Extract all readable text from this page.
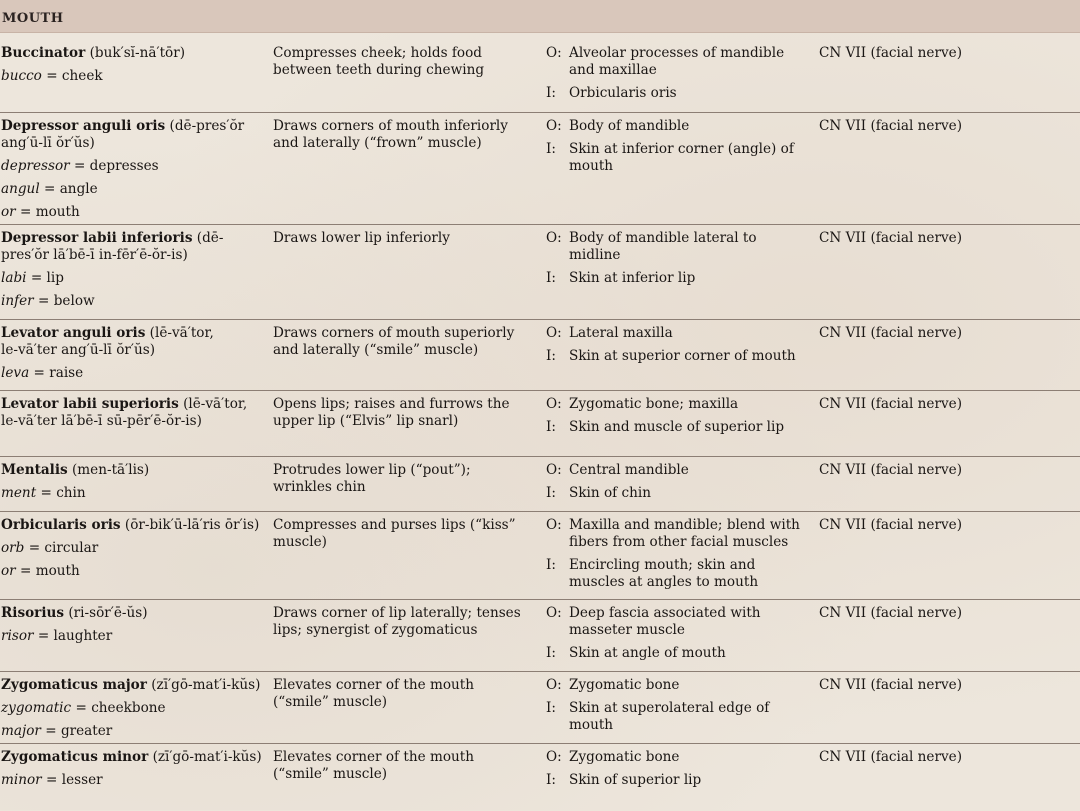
MOUTH
Buccinator (buk′sĭ-nā′tōr)
bucco = cheek
Compresses cheek; holds food
between teeth during chewing
O: Alveolar processes of mandible
and maxillae
I: Orbicularis oris
CN VII (facial nerve)
Depressor anguli oris (dē-pres′ŏr
ang′ū-lī ŏr′ŭs)
depressor = depresses
angul = angle
or = mouth
Draws corners of mouth inferiorly
and laterally (“frown” muscle)
O: Body of mandible
I: Skin at inferior corner (angle) of
mouth
CN VII (facial nerve)
Depressor labii inferioris (dē-pres′ŏr lā′bē-ī in-fēr′ē-ŏr-is)
labi = lip
infer = below
Draws lower lip inferiorly	O: Body of mandible lateral to
midline
I: Skin at inferior lip
CN VII (facial nerve)
Levator anguli oris (lē-vā′tor,
le-vā′ter ang′ū-lī ŏr′ŭs)
leva = raise
Draws corners of mouth superiorly
and laterally (“smile” muscle)
O: Lateral maxilla
I: Skin at superior corner of mouth
CN VII (facial nerve)
Levator labii superioris (lē-vā′tor,
le-vā′ter lā′bē-ī sū-pēr′ē-ŏr-is)
Opens lips; raises and furrows the
upper lip (“Elvis” lip snarl)
O: Zygomatic bone; maxilla
I: Skin and muscle of superior lip
CN VII (facial nerve)
Mentalis (men-tā′lis)
ment = chin
Protrudes lower lip (“pout”);
wrinkles chin
O: Central mandible
I: Skin of chin
CN VII (facial nerve)
Orbicularis oris (ōr-bik′ū-lā′ris ōr′is)
orb = circular
or = mouth
Compresses and purses lips (“kiss”
muscle)
O: Maxilla and mandible; blend with
fibers from other facial muscles
I: Encircling mouth; skin and
muscles at angles to mouth
CN VII (facial nerve)
Risorius (ri-sōr′ē-ŭs)
risor = laughter
Draws corner of lip laterally; tenses
lips; synergist of zygomaticus
O: Deep fascia associated with
masseter muscle
I: Skin at angle of mouth
CN VII (facial nerve)
Zygomaticus major (zī′gō-mat′i-kŭs)
zygomatic = cheekbone
major = greater
Elevates corner of the mouth
(“smile” muscle)
O: Zygomatic bone
I: Skin at superolateral edge of
mouth
CN VII (facial nerve)
Zygomaticus minor (zī′gō-mat′i-kŭs)
minor = lesser
Elevates corner of the mouth
(“smile” muscle)
O: Zygomatic bone
I: Skin of superior lip
CN VII (facial nerve)
